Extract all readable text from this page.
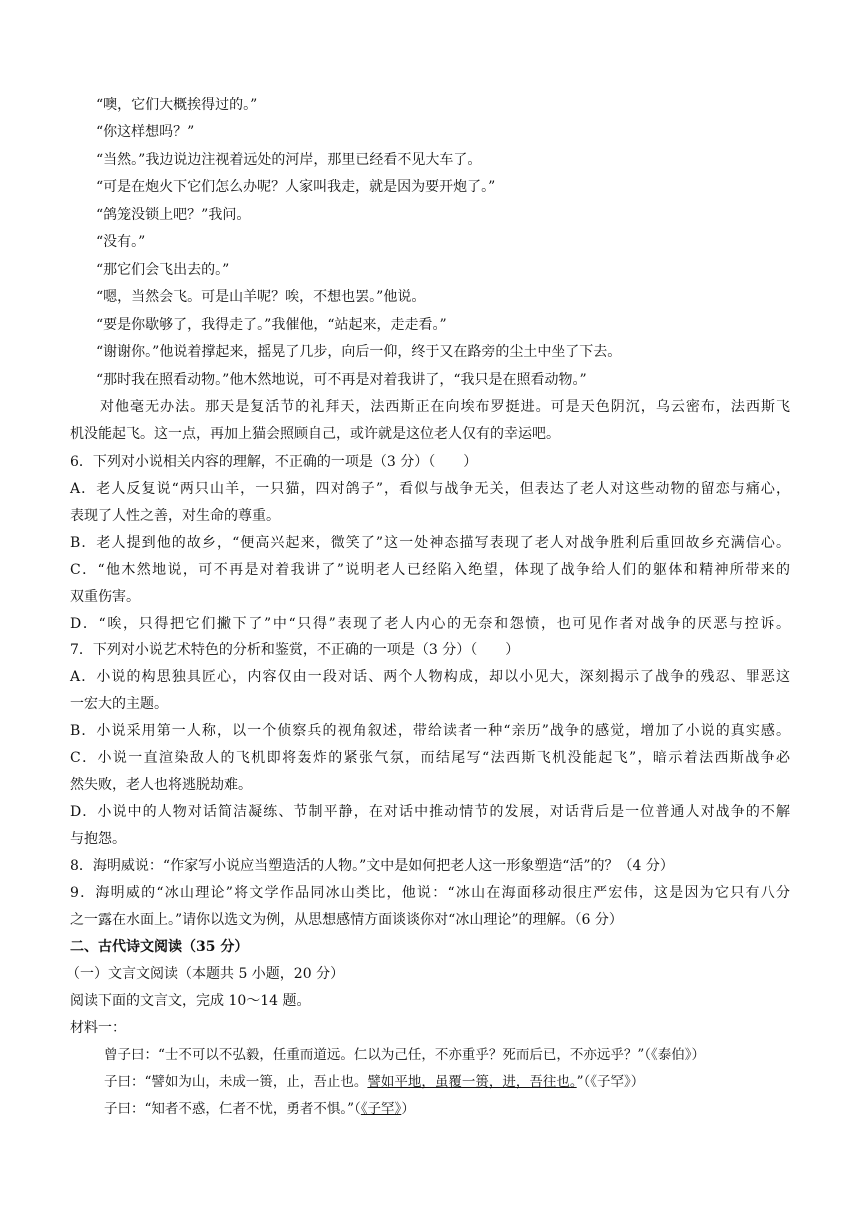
“噢，它们大概挨得过的。”
“你这样想吗？”
“当然。”我边说边注视着远处的河岸，那里已经看不见大车了。
“可是在炮火下它们怎么办呢？人家叫我走，就是因为要开炮了。”
“鸽笼没锁上吧？”我问。
“没有。”
“那它们会飞出去的。”
“嗯，当然会飞。可是山羊呢？唉，不想也罢。”他说。
“要是你歇够了，我得走了。”我催他，“站起来，走走看。”
“谢谢你。”他说着撑起来，摇晃了几步，向后一仰，终于又在路旁的尘土中坐了下去。
“那时我在照看动物。”他木然地说，可不再是对着我讲了，“我只是在照看动物。”
对他毫无办法。那天是复活节的礼拜天，法西斯正在向埃布罗挺进。可是天色阴沉，乌云密布，法西斯飞
机没能起飞。这一点，再加上猫会照顾自己，或许就是这位老人仅有的幸运吧。
6．下列对小说相关内容的理解，不正确的一项是（3 分）（　　）
A．老人反复说“两只山羊，一只猫，四对鸽子”，看似与战争无关，但表达了老人对这些动物的留恋与痛心，
表现了人性之善，对生命的尊重。
B．老人提到他的故乡，“便高兴起来，微笑了”这一处神态描写表现了老人对战争胜利后重回故乡充满信心。
C．“他木然地说，可不再是对着我讲了”说明老人已经陷入绝望，体现了战争给人们的躯体和精神所带来的
双重伤害。
D．“唉，只得把它们撇下了”中“只得”表现了老人内心的无奈和怨愤，也可见作者对战争的厌恶与控诉。
7．下列对小说艺术特色的分析和鉴赏，不正确的一项是（3 分）（　　）
A．小说的构思独具匠心，内容仅由一段对话、两个人物构成，却以小见大，深刻揭示了战争的残忍、罪恶这
一宏大的主题。
B．小说采用第一人称，以一个侦察兵的视角叙述，带给读者一种“亲历”战争的感觉，增加了小说的真实感。
C．小说一直渲染敌人的飞机即将轰炸的紧张气氛，而结尾写“法西斯飞机没能起飞”，暗示着法西斯战争必
然失败，老人也将逃脱劫难。
D．小说中的人物对话简洁凝练、节制平静，在对话中推动情节的发展，对话背后是一位普通人对战争的不解
与抱怨。
8．海明威说：“作家写小说应当塑造活的人物。”文中是如何把老人这一形象塑造“活”的？（4 分）
9．海明威的“冰山理论”将文学作品同冰山类比，他说：“冰山在海面移动很庄严宏伟，这是因为它只有八分
之一露在水面上。”请你以选文为例，从思想感情方面谈谈你对“冰山理论”的理解。（6 分）
二、古代诗文阅读（35 分）
（一）文言文阅读（本题共 5 小题，20 分）
阅读下面的文言文，完成 10～14 题。
材料一：
曾子曰：“士不可以不弘毅，任重而道远。仁以为己任，不亦重乎？死而后已，不亦远乎？”（《泰伯》）
子曰：“譬如为山，未成一篑，止，吾止也。譬如平地，虽覆一篑，进，吾往也。”（《子罕》）
子曰：“知者不惑，仁者不忧，勇者不惧。”（《子罕》）
